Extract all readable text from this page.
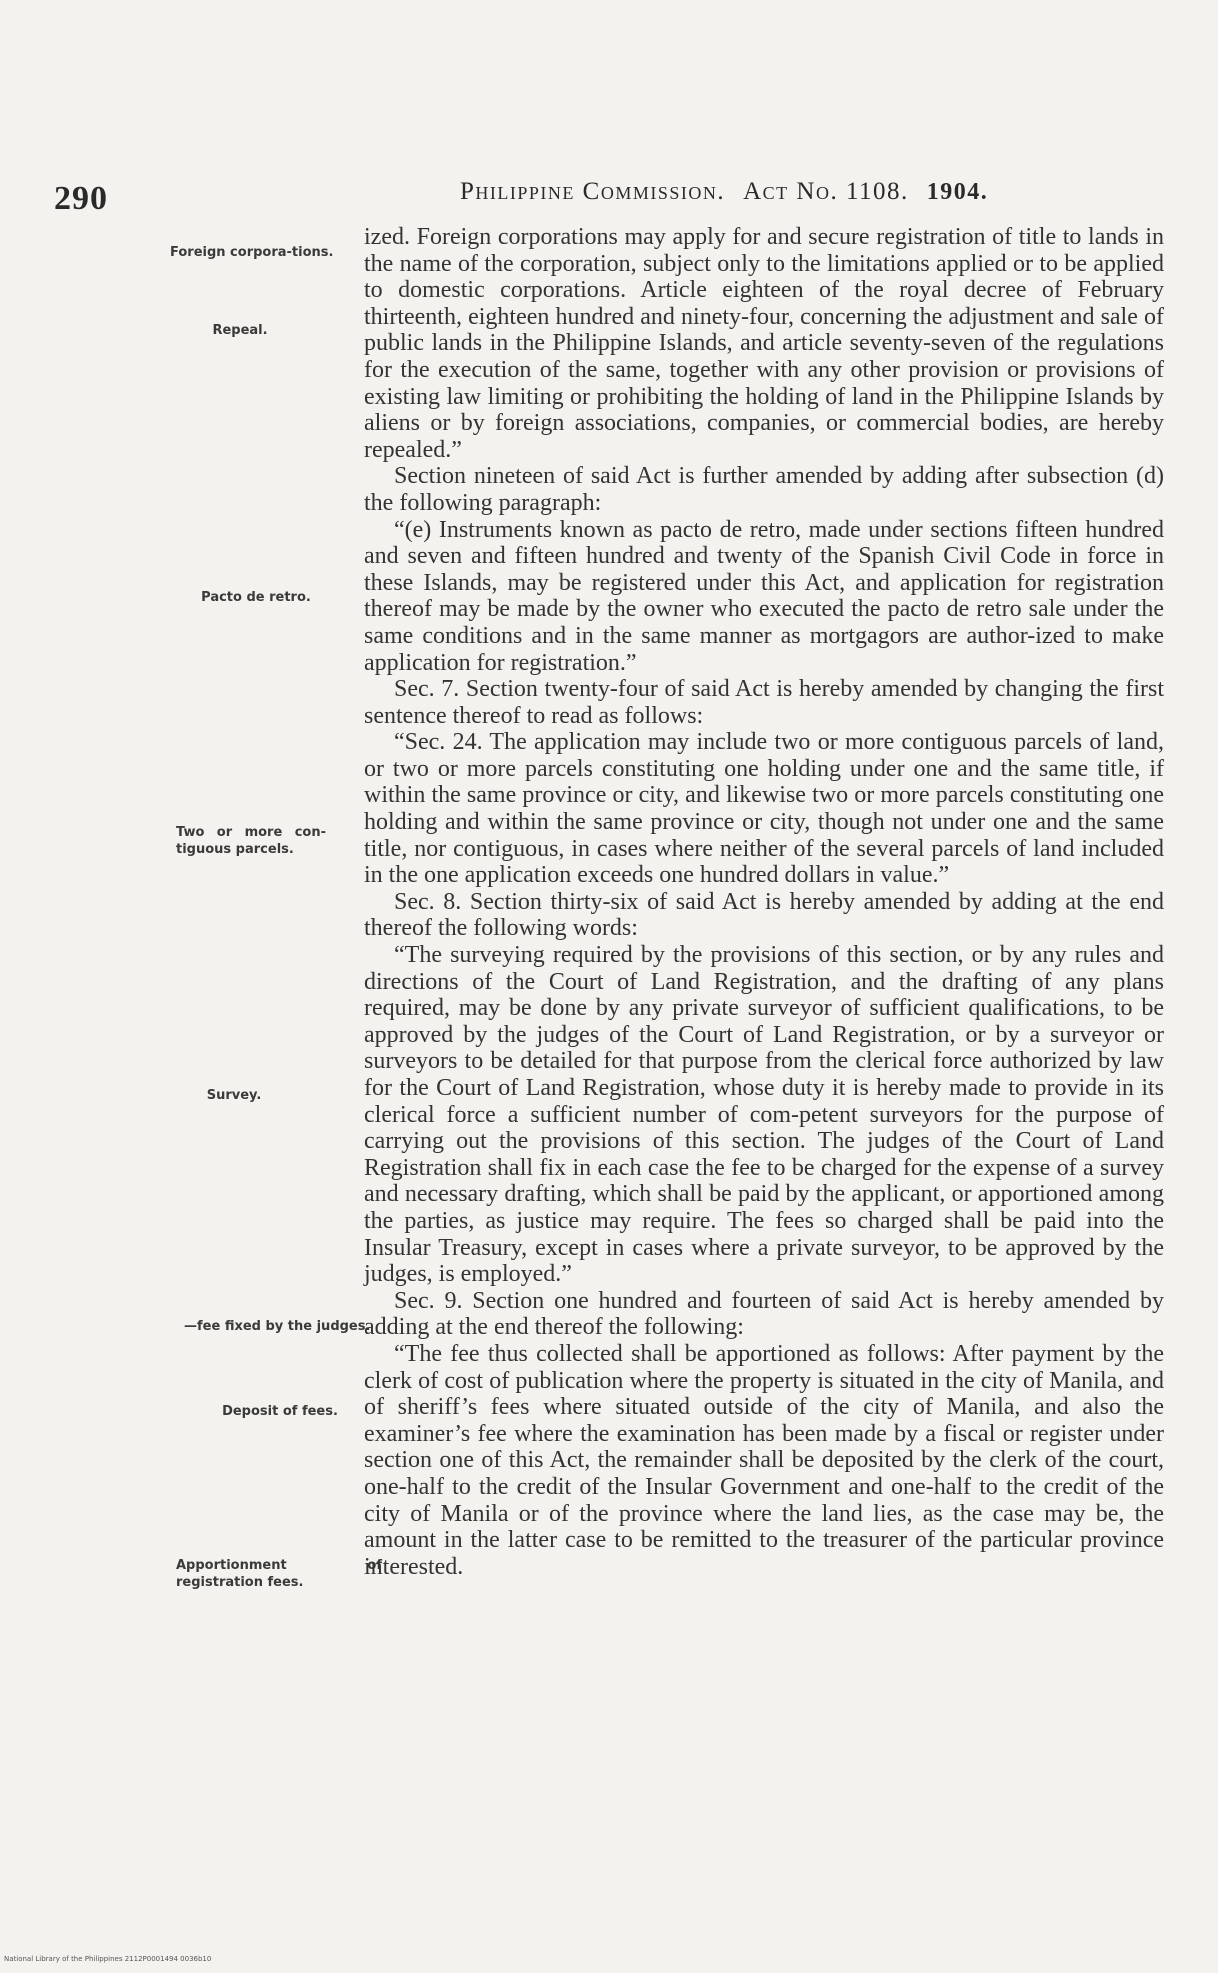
290	Philippine Commission. Act No. 1108. 1904.
Foreign corpora-tions.
Repeal.
Pacto de retro.
Two or more con-tiguous parcels.
Survey.
—fee fixed by the judges.
Deposit of fees.
Apportionment of registration fees.

ized. Foreign corporations may apply for and secure registration of title to lands in the name of the corporation, subject only to the limitations applied or to be applied to domestic corporations. Article eighteen of the royal decree of February thirteenth, eighteen hundred and ninety-four, concerning the adjustment and sale of public lands in the Philippine Islands, and article seventy-seven of the regulations for the execution of the same, together with any other provision or provisions of existing law limiting or prohibiting the holding of land in the Philippine Islands by aliens or by foreign associations, companies, or commercial bodies, are hereby repealed.”

Section nineteen of said Act is further amended by adding after subsection (d) the following paragraph:

“(e) Instruments known as pacto de retro, made under sections fifteen hundred and seven and fifteen hundred and twenty of the Spanish Civil Code in force in these Islands, may be registered under this Act, and application for registration thereof may be made by the owner who executed the pacto de retro sale under the same conditions and in the same manner as mortgagors are author-ized to make application for registration.”

Sec. 7. Section twenty-four of said Act is hereby amended by changing the first sentence thereof to read as follows:

“Sec. 24. The application may include two or more contiguous parcels of land, or two or more parcels constituting one holding under one and the same title, if within the same province or city, and likewise two or more parcels constituting one holding and within the same province or city, though not under one and the same title, nor contiguous, in cases where neither of the several parcels of land included in the one application exceeds one hundred dollars in value.”

Sec. 8. Section thirty-six of said Act is hereby amended by adding at the end thereof the following words:

“The surveying required by the provisions of this section, or by any rules and directions of the Court of Land Registration, and the drafting of any plans required, may be done by any private surveyor of sufficient qualifications, to be approved by the judges of the Court of Land Registration, or by a surveyor or surveyors to be detailed for that purpose from the clerical force authorized by law for the Court of Land Registration, whose duty it is hereby made to provide in its clerical force a sufficient number of com-petent surveyors for the purpose of carrying out the provisions of this section. The judges of the Court of Land Registration shall fix in each case the fee to be charged for the expense of a survey and necessary drafting, which shall be paid by the applicant, or apportioned among the parties, as justice may require. The fees so charged shall be paid into the Insular Treasury, except in cases where a private surveyor, to be approved by the judges, is employed.”

Sec. 9. Section one hundred and fourteen of said Act is hereby amended by adding at the end thereof the following:

“The fee thus collected shall be apportioned as follows: After payment by the clerk of cost of publication where the property is situated in the city of Manila, and of sheriff’s fees where situated outside of the city of Manila, and also the examiner’s fee where the examination has been made by a fiscal or register under section one of this Act, the remainder shall be deposited by the clerk of the court, one-half to the credit of the Insular Government and one-half to the credit of the city of Manila or of the province where the land lies, as the case may be, the amount in the latter case to be remitted to the treasurer of the particular province interested.

National Library of the Philippines 2112P0001494 0036b10
